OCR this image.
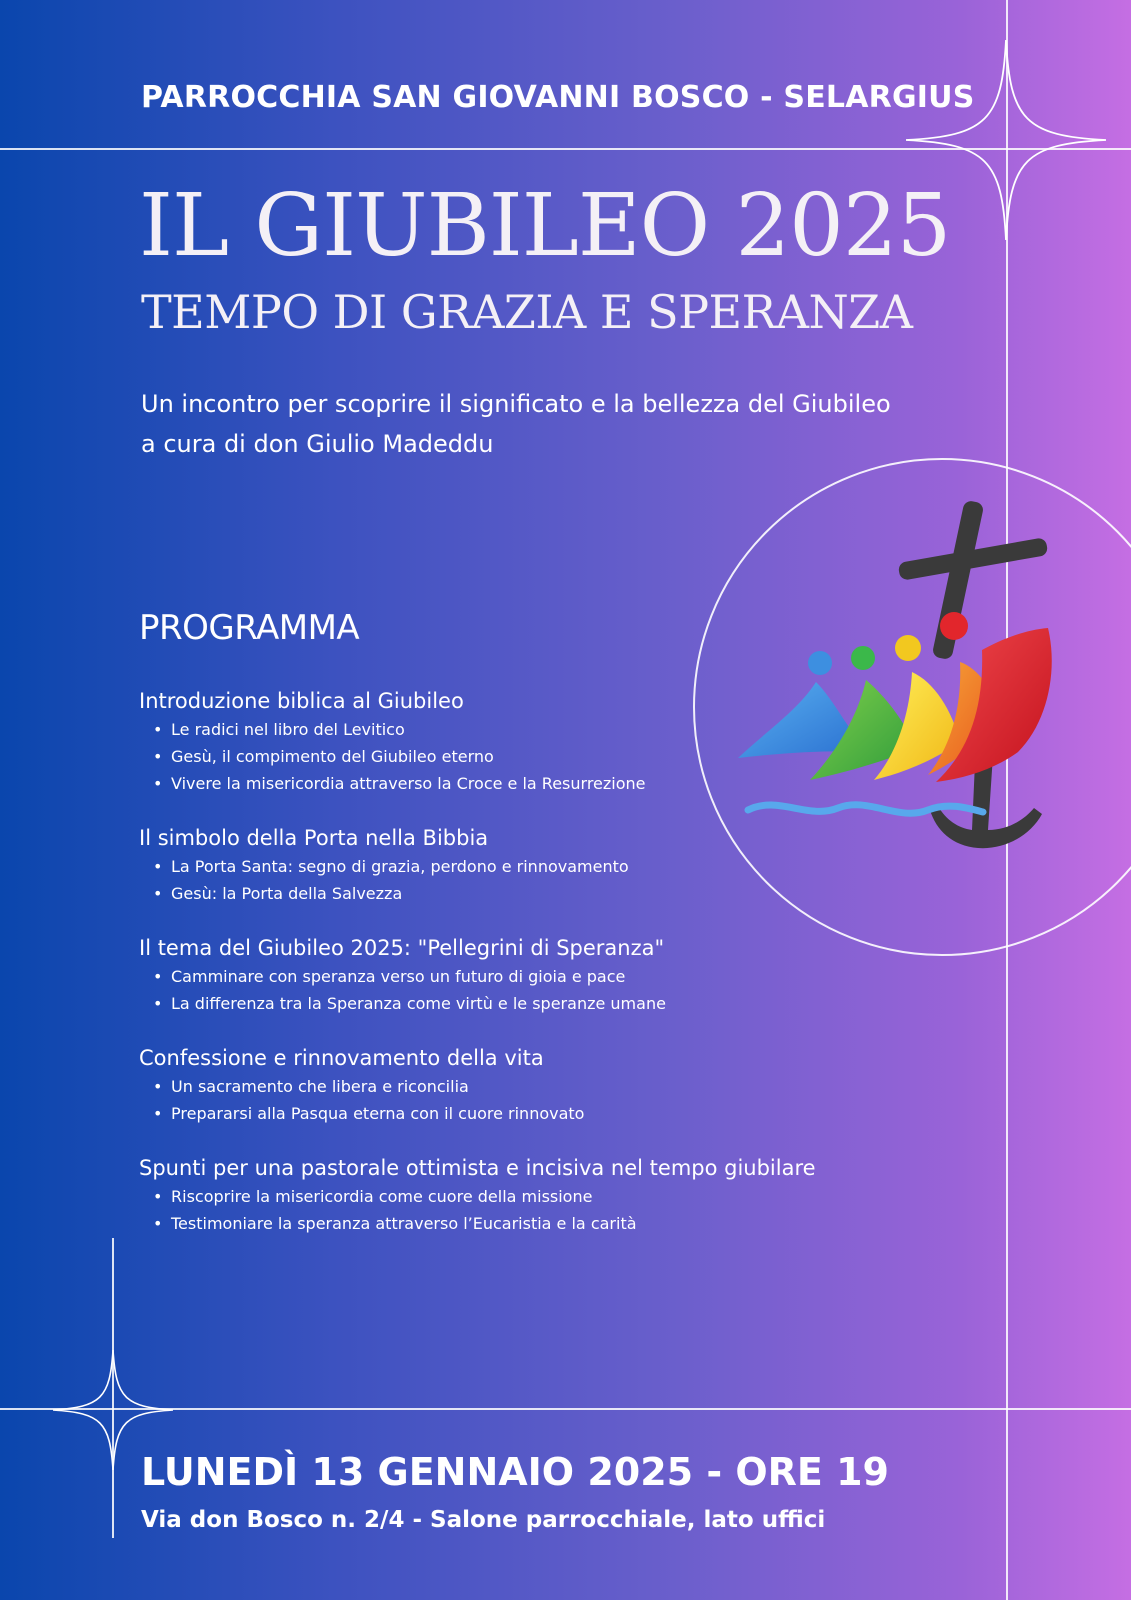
PARROCCHIA SAN GIOVANNI BOSCO - SELARGIUS
IL GIUBILEO 2025
TEMPO DI GRAZIA E SPERANZA
Un incontro per scoprire il significato e la bellezza del Giubileo
a cura di don Giulio Madeddu
PROGRAMMA
Introduzione biblica al Giubileo
• Le radici nel libro del Levitico
• Gesù, il compimento del Giubileo eterno
• Vivere la misericordia attraverso la Croce e la Resurrezione
Il simbolo della Porta nella Bibbia
• La Porta Santa: segno di grazia, perdono e rinnovamento
• Gesù: la Porta della Salvezza
Il tema del Giubileo 2025: "Pellegrini di Speranza"
• Camminare con speranza verso un futuro di gioia e pace
• La differenza tra la Speranza come virtù e le speranze umane
Confessione e rinnovamento della vita
• Un sacramento che libera e riconcilia
• Prepararsi alla Pasqua eterna con il cuore rinnovato
Spunti per una pastorale ottimista e incisiva nel tempo giubilare
• Riscoprire la misericordia come cuore della missione
• Testimoniare la speranza attraverso l’Eucaristia e la carità
LUNEDÌ 13 GENNAIO 2025 - ORE 19
Via don Bosco n. 2/4 - Salone parrocchiale, lato uffici
